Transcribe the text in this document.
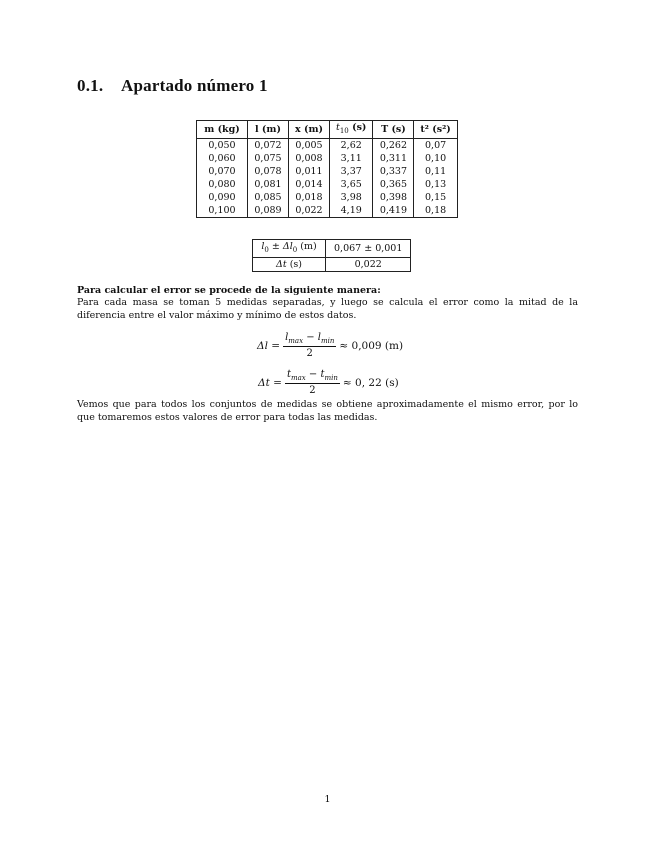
0.1. Apartado número 1
m (kg)	l (m)	x (m)	$t_{10}$ (s)	T (s)	t² (s²)
0,050	0,072	0,005	2,62	0,262	0,07
0,060	0,075	0,008	3,11	0,311	0,10
0,070	0,078	0,011	3,37	0,337	0,11
0,080	0,081	0,014	3,65	0,365	0,13
0,090	0,085	0,018	3,98	0,398	0,15
0,100	0,089	0,022	4,19	0,419	0,18
$l_0 \pm \Delta l_0$ (m)	0,067 ± 0,001
Δt (s)	0,022

Para calcular el error se procede de la siguiente manera:

Para cada masa se toman 5 medidas separadas, y luego se calcula el error como la mitad de la diferencia entre el valor máximo y mínimo de estos datos.

$\Delta l = \frac{l_{max} - l_{min}}{2} \approx 0,009$ (m)
$\Delta t = \frac{t_{max} - t_{min}}{2} \approx 0$, 22 (s)

Vemos que para todos los conjuntos de medidas se obtiene aproximadamente el mismo error, por lo que tomaremos estos valores de error para todas las medidas.

1
